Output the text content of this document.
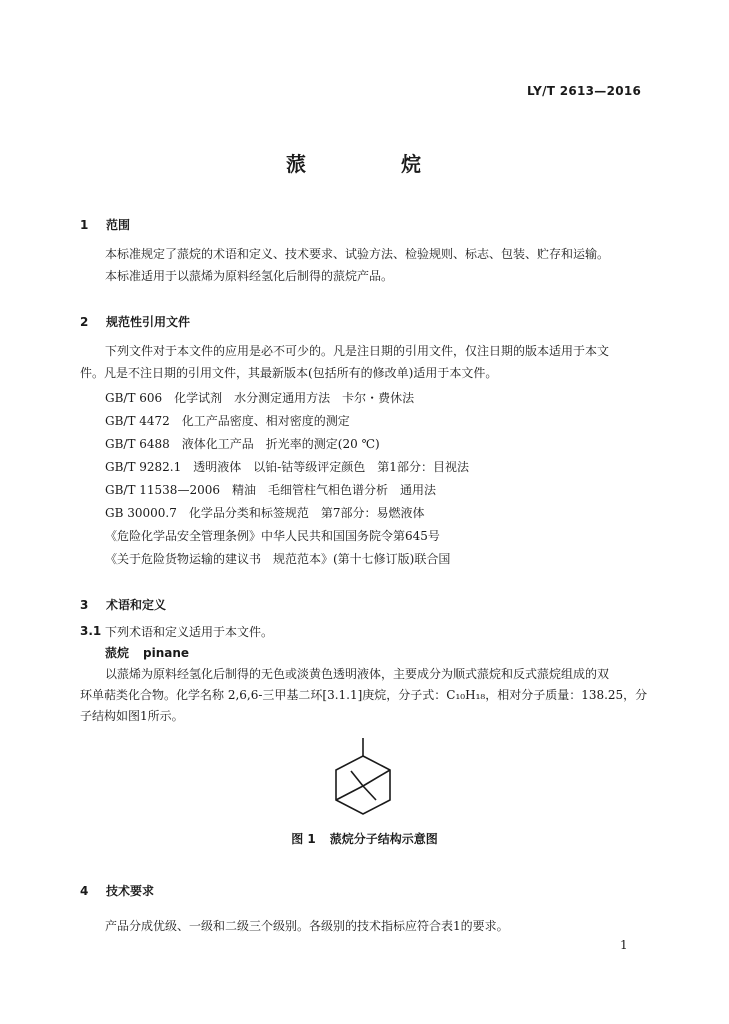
LY/T 2613—2016
蒎 烷
1 范围
本标准规定了蒎烷的术语和定义、技术要求、试验方法、检验规则、标志、包装、贮存和运输。
本标准适用于以蒎烯为原料经氢化后制得的蒎烷产品。
2 规范性引用文件
下列文件对于本文件的应用是必不可少的。凡是注日期的引用文件，仅注日期的版本适用于本文
件。凡是不注日期的引用文件，其最新版本(包括所有的修改单)适用于本文件。
GB/T 606　化学试剂　水分测定通用方法　卡尔・费休法
GB/T 4472　化工产品密度、相对密度的测定
GB/T 6488　液体化工产品　折光率的测定(20 ℃)
GB/T 9282.1　透明液体　以铂-钴等级评定颜色　第1部分：目视法
GB/T 11538—2006　精油　毛细管柱气相色谱分析　通用法
GB 30000.7　化学品分类和标签规范　第7部分：易燃液体
《危险化学品安全管理条例》中华人民共和国国务院令第645号
《关于危险货物运输的建议书　规范范本》(第十七修订版)联合国
3 术语和定义
下列术语和定义适用于本文件。
3.1
蒎烷 pinane
以蒎烯为原料经氢化后制得的无色或淡黄色透明液体，主要成分为顺式蒎烷和反式蒎烷组成的双
环单萜类化合物。化学名称 2,6,6-三甲基二环[3.1.1]庚烷，分子式：C₁₀H₁₈，相对分子质量：138.25，分
子结构如图1所示。
图 1 蒎烷分子结构示意图
4 技术要求
产品分成优级、一级和二级三个级别。各级别的技术指标应符合表1的要求。
1
